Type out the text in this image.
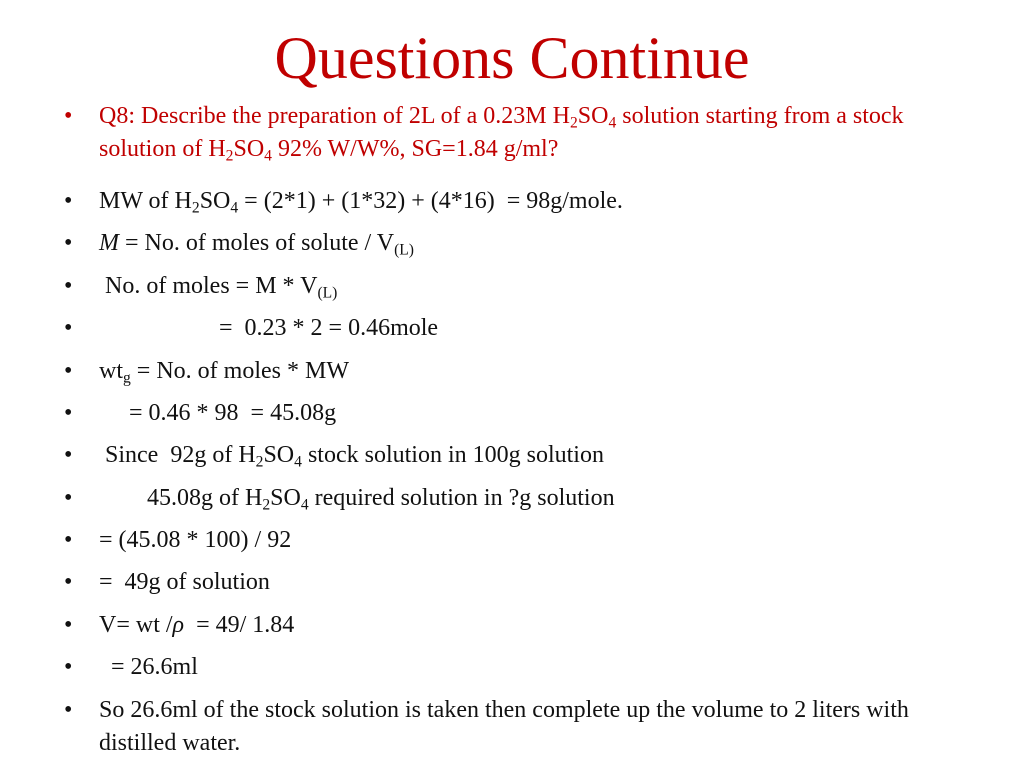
Questions Continue
•	Q8: Describe the preparation of 2L of a 0.23M $H_2SO_4$ solution starting from a stock solution of $H_2SO_4$ 92% W/W%, SG=1.84 g/ml?
•	MW of $H_2SO_4 = (2*1) + (1*32) + (4*16)$  = 98g/mole.
•	M = No. of moles of solute / $V_{(L)}$
•	No. of moles = M * $V_{(L)}$
•	=  0.23 * 2 = 0.46mole
•	$wt_g = No$. of moles * MW
•	= 0.46 * 98  = 45.08g
•	Since  92g of $H_2SO_4$ stock solution in 100g solution
•	45.08g of $H_2SO_4$ required solution in ?g solution
•	= (45.08 * 100) / 92
•	=  49g of solution
•	V= wt /ρ  = 49/ 1.84
•	= 26.6ml
•	So 26.6ml of the stock solution is taken then complete up the volume to 2 liters with distilled water.
